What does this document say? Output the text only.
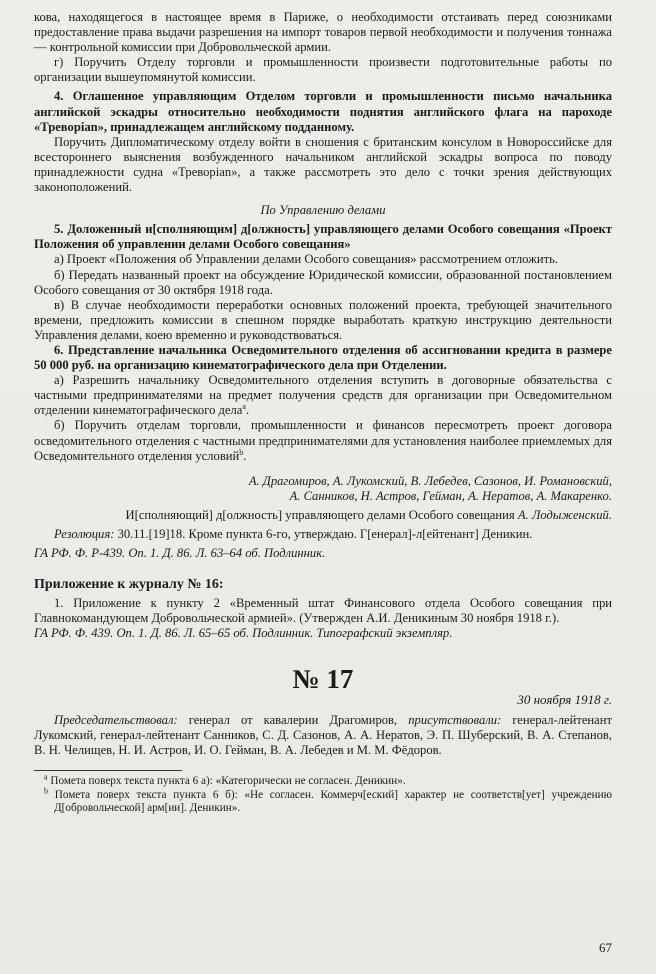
кова, находящегося в настоящее время в Париже, о необходимости отстаивать перед союзниками предоставление права выдачи разрешения на импорт товаров первой необходимости и получения тоннажа — контрольной комиссии при Добровольческой армии.

г) Поручить Отделу торговли и промышленности произвести подготовительные работы по организации вышеупомянутой комиссии.

4. Оглашенное управляющим Отделом торговли и промышленности письмо начальника английской эскадры относительно необходимости поднятия английского флага на пароходе «Треворian», принадлежащем английскому подданному.

Поручить Дипломатическому отделу войти в сношения с британским консулом в Новороссийске для всестороннего выяснения возбужденного начальником английской эскадры вопроса по поводу принадлежности судна «Треворian», а также рассмотреть это дело с точки зрения действующих законоположений.

По Управлению делами

5. Доложенный и[сполняющим] д[олжность] управляющего делами Особого совещания «Проект Положения об управлении делами Особого совещания»

а) Проект «Положения об Управлении делами Особого совещания» рассмотрением отложить.

б) Передать названный проект на обсуждение Юридической комиссии, образованной постановлением Особого совещания от 30 октября 1918 года.

в) В случае необходимости переработки основных положений проекта, требующей значительного времени, предложить комиссии в спешном порядке выработать краткую инструкцию деятельности Управления делами, коею временно и руководствоваться.

6. Представление начальника Осведомительного отделения об ассигновании кредита в размере 50 000 руб. на организацию кинематографического дела при Отделении.

а) Разрешить начальнику Осведомительного отделения вступить в договорные обязательства с частными предпринимателями на предмет получения средств для организации при Осведомительном отделении кинематографического дела$^а$.

б) Поручить отделам торговли, промышленности и финансов пересмотреть проект договора осведомительного отделения с частными предпринимателями для установления наиболее приемлемых для Осведомительного отделения условий$^b$.

А. Драгомиров, А. Лукомский, В. Лебедев, Сазонов, И. Романовский,
А. Санников, Н. Астров, Гейман, А. Нератов, А. Макаренко.

И[сполняющий] д[олжность] управляющего делами Особого совещания А. Лодыженский.

Резолюция: 30.11.[19]18. Кроме пункта 6-го, утверждаю. Г[енерал]-л[ейтенант] Деникин.

ГА РФ. Ф. Р-439. Оп. 1. Д. 86. Л. 63–64 об. Подлинник.

Приложение к журналу № 16:

1. Приложение к пункту 2 «Временный штат Финансового отдела Особого совещания при Главнокомандующем Добровольческой армией». (Утвержден А.И. Деникиным 30 ноября 1918 г.).

ГА РФ. Ф. 439. Оп. 1. Д. 86. Л. 65–65 об. Подлинник. Типографский экземпляр.

№ 17
30 ноября 1918 г.

Председательствовал: генерал от кавалерии Драгомиров, присутствовали: генерал-лейтенант Лукомский, генерал-лейтенант Санников, С. Д. Сазонов, А. А. Нератов, Э. П. Шуберский, В. А. Степанов, В. Н. Челищев, Н. И. Астров, И. О. Гейман, В. А. Лебедев и М. М. Фёдоров.

$^а$ Пометa поверх текста пункта 6 а): «Категорически не согласен. Деникин».

$^b$ Пометa поверх текста пункта 6 б): «Не согласен. Коммерч[еский] характер не соответств[ует] учреждению Д[обровольческой] арм[ии]. Деникин».

67
